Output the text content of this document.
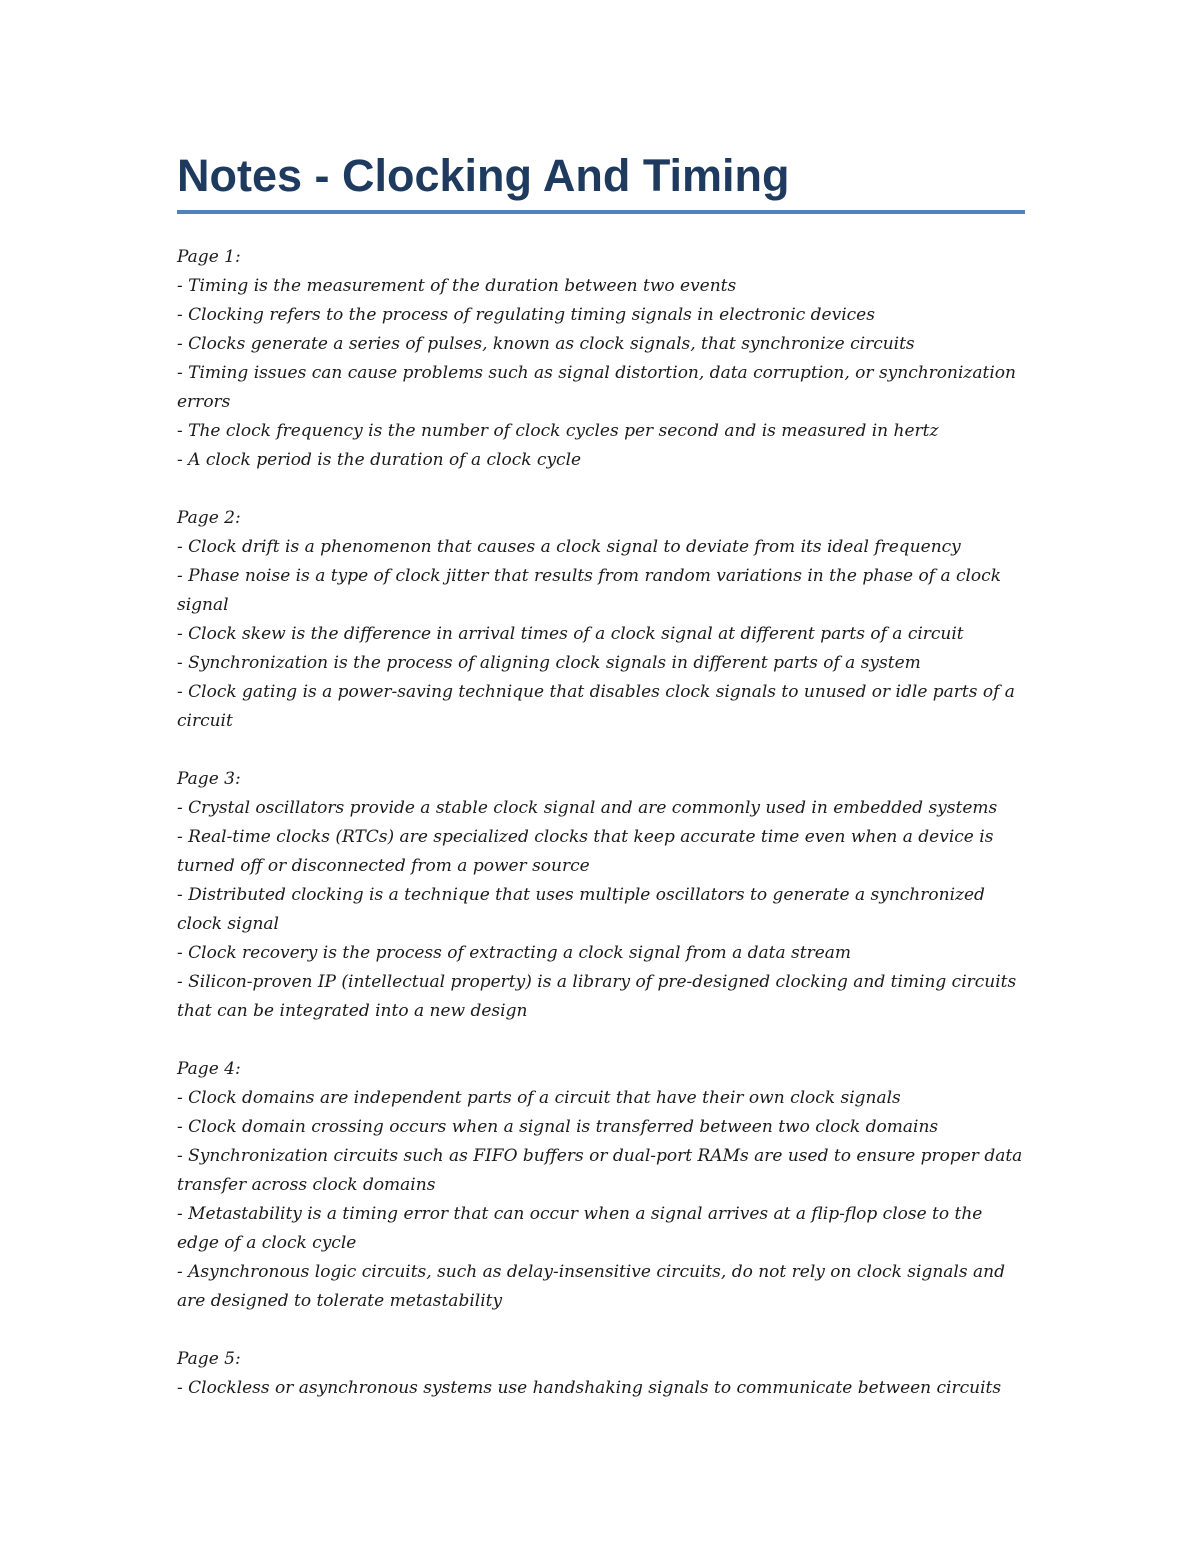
Notes - Clocking And Timing
Page 1:
- Timing is the measurement of the duration between two events
- Clocking refers to the process of regulating timing signals in electronic devices
- Clocks generate a series of pulses, known as clock signals, that synchronize circuits
- Timing issues can cause problems such as signal distortion, data corruption, or synchronization errors
- The clock frequency is the number of clock cycles per second and is measured in hertz
- A clock period is the duration of a clock cycle
Page 2:
- Clock drift is a phenomenon that causes a clock signal to deviate from its ideal frequency
- Phase noise is a type of clock jitter that results from random variations in the phase of a clock signal
- Clock skew is the difference in arrival times of a clock signal at different parts of a circuit
- Synchronization is the process of aligning clock signals in different parts of a system
- Clock gating is a power-saving technique that disables clock signals to unused or idle parts of a circuit
Page 3:
- Crystal oscillators provide a stable clock signal and are commonly used in embedded systems
- Real-time clocks (RTCs) are specialized clocks that keep accurate time even when a device is turned off or disconnected from a power source
- Distributed clocking is a technique that uses multiple oscillators to generate a synchronized clock signal
- Clock recovery is the process of extracting a clock signal from a data stream
- Silicon-proven IP (intellectual property) is a library of pre-designed clocking and timing circuits that can be integrated into a new design
Page 4:
- Clock domains are independent parts of a circuit that have their own clock signals
- Clock domain crossing occurs when a signal is transferred between two clock domains
- Synchronization circuits such as FIFO buffers or dual-port RAMs are used to ensure proper data transfer across clock domains
- Metastability is a timing error that can occur when a signal arrives at a flip-flop close to the edge of a clock cycle
- Asynchronous logic circuits, such as delay-insensitive circuits, do not rely on clock signals and are designed to tolerate metastability
Page 5:
- Clockless or asynchronous systems use handshaking signals to communicate between circuits
